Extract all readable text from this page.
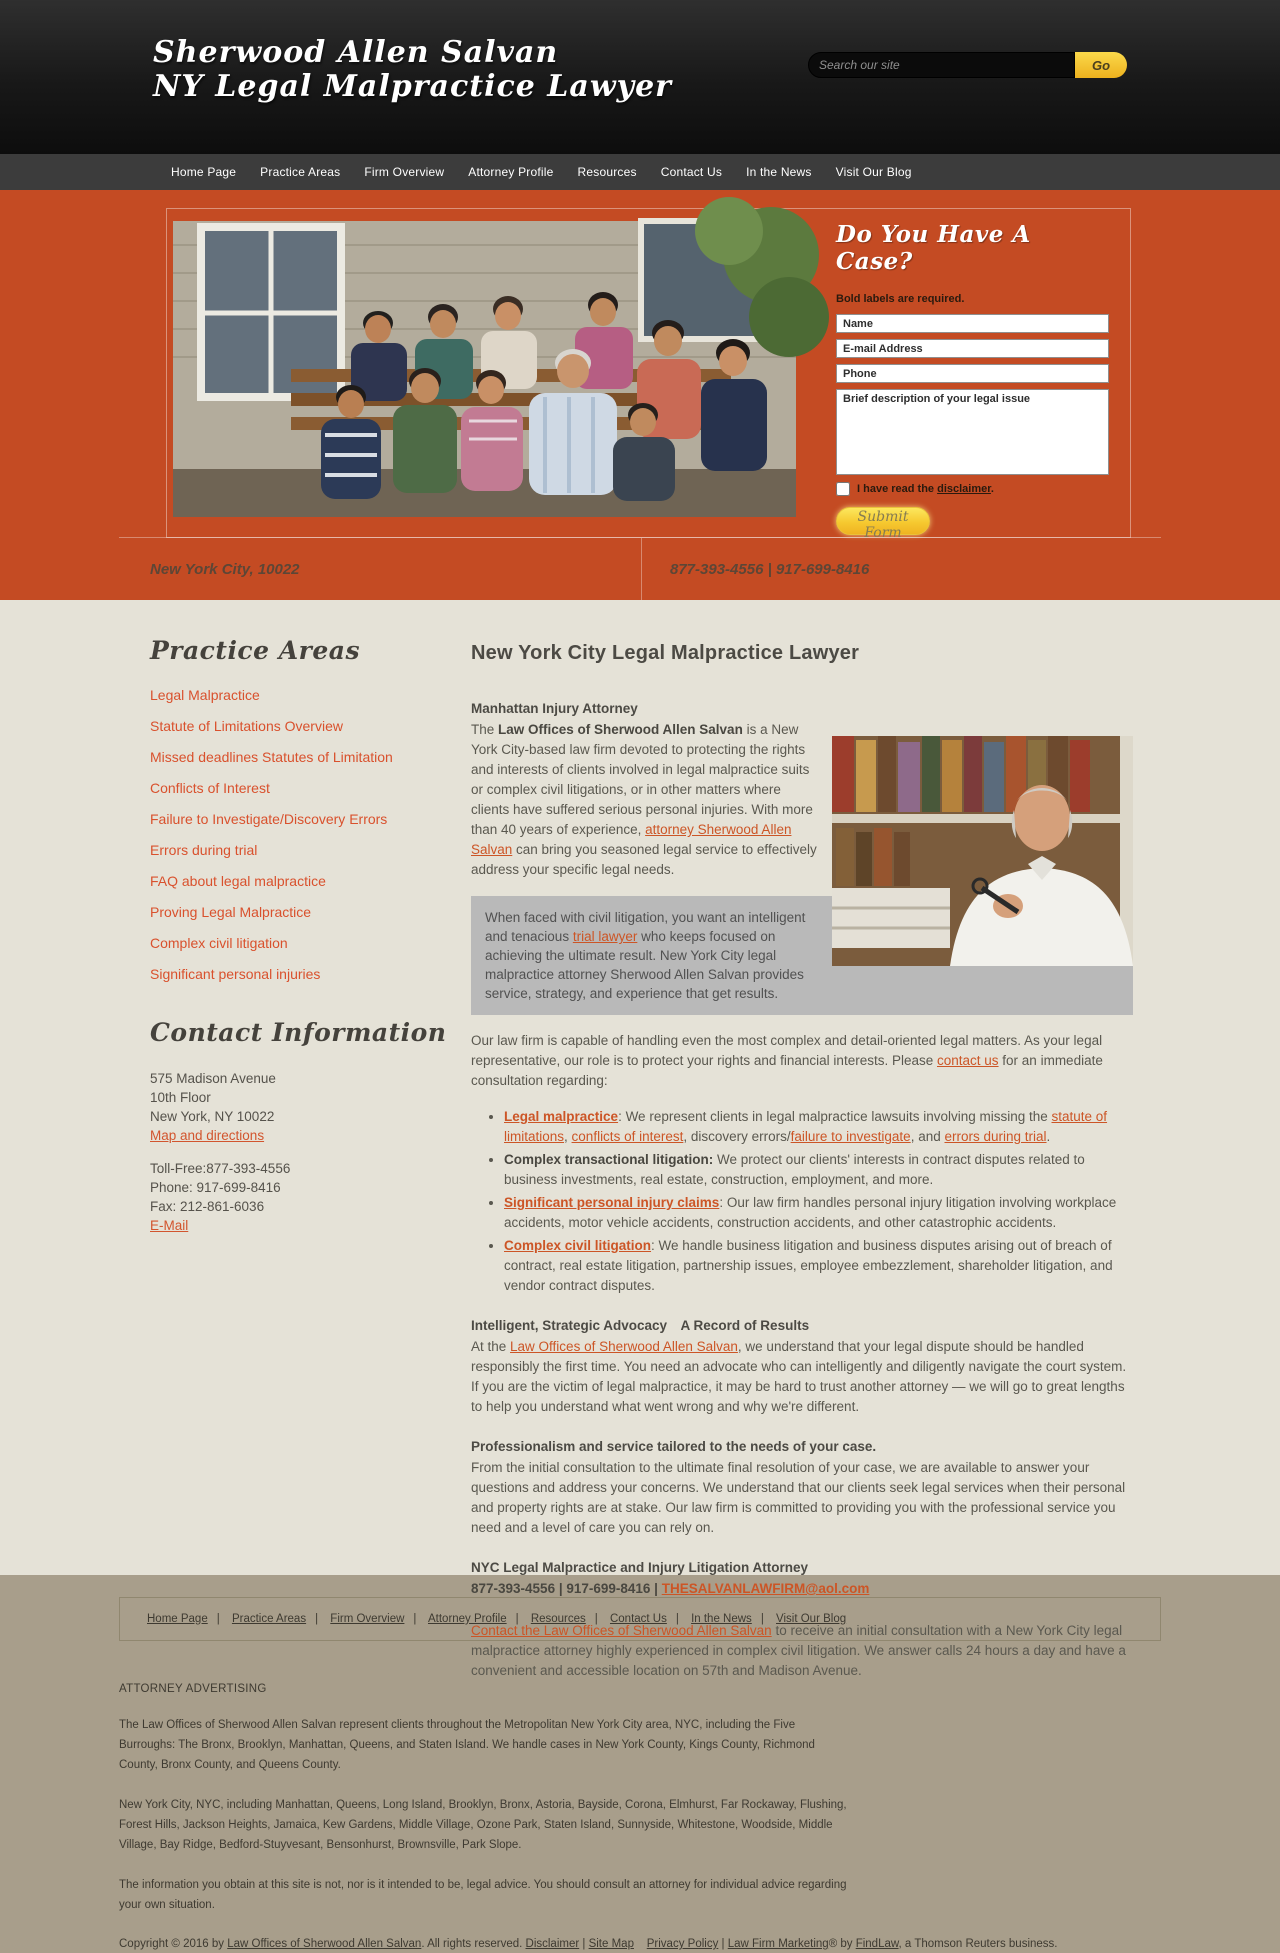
Sherwood Allen Salvan
NY Legal Malpractice Lawyer
Search our site
Go
Home Page Practice Areas Firm Overview Attorney Profile Resources Contact Us In the News Visit Our Blog
Do You Have A Case?
Bold labels are required.
Name
E-mail Address
Phone
Brief description of your legal issue
I have read the disclaimer.
Submit Form
New York City, 10022	877-393-4556 | 917-699-8416
Practice Areas
Legal Malpractice
Statute of Limitations Overview
Missed deadlines Statutes of Limitation
Conflicts of Interest
Failure to Investigate/Discovery Errors
Errors during trial
FAQ about legal malpractice
Proving Legal Malpractice
Complex civil litigation
Significant personal injuries
Contact Information
575 Madison Avenue
10th Floor
New York, NY 10022
Map and directions
Toll-Free:877-393-4556
Phone: 917-699-8416
Fax: 212-861-6036
E-Mail
New York City Legal Malpractice Lawyer
Manhattan Injury Attorney

The Law Offices of Sherwood Allen Salvan is a New York City-based law firm devoted to protecting the rights and interests of clients involved in legal malpractice suits or complex civil litigations, or in other matters where clients have suffered serious personal injuries. With more than 40 years of experience, attorney Sherwood Allen Salvan can bring you seasoned legal service to effectively address your specific legal needs.

When faced with civil litigation, you want an intelligent and tenacious trial lawyer who keeps focused on achieving the ultimate result. New York City legal malpractice attorney Sherwood Allen Salvan provides service, strategy, and experience that get results.

Our law firm is capable of handling even the most complex and detail-oriented legal matters. As your legal representative, our role is to protect your rights and financial interests. Please contact us for an immediate consultation regarding:

• Legal malpractice: We represent clients in legal malpractice lawsuits involving missing the statute of limitations, conflicts of interest, discovery errors/failure to investigate, and errors during trial.
• Complex transactional litigation: We protect our clients' interests in contract disputes related to business investments, real estate, construction, employment, and more.
• Significant personal injury claims: Our law firm handles personal injury litigation involving workplace accidents, motor vehicle accidents, construction accidents, and other catastrophic accidents.
• Complex civil litigation: We handle business litigation and business disputes arising out of breach of contract, real estate litigation, partnership issues, employee embezzlement, shareholder litigation, and vendor contract disputes.
Intelligent, Strategic Advocacy A Record of Results

At the Law Offices of Sherwood Allen Salvan, we understand that your legal dispute should be handled responsibly the first time. You need an advocate who can intelligently and diligently navigate the court system. If you are the victim of legal malpractice, it may be hard to trust another attorney — we will go to great lengths to help you understand what went wrong and why we're different.

Professionalism and service tailored to the needs of your case.

From the initial consultation to the ultimate final resolution of your case, we are available to answer your questions and address your concerns. We understand that our clients seek legal services when their personal and property rights are at stake. Our law firm is committed to providing you with the professional service you need and a level of care you can rely on.

NYC Legal Malpractice and Injury Litigation Attorney
877-393-4556 | 917-699-8416 | THESALVANLAWFIRM@aol.com

Contact the Law Offices of Sherwood Allen Salvan to receive an initial consultation with a New York City legal malpractice attorney highly experienced in complex civil litigation. We answer calls 24 hours a day and have a convenient and accessible location on 57th and Madison Avenue.

Home Page | Practice Areas | Firm Overview | Attorney Profile | Resources | Contact Us | In the News | Visit Our Blog
ATTORNEY ADVERTISING

The Law Offices of Sherwood Allen Salvan represent clients throughout the Metropolitan New York City area, NYC, including the Five Burroughs: The Bronx, Brooklyn, Manhattan, Queens, and Staten Island. We handle cases in New York County, Kings County, Richmond County, Bronx County, and Queens County.

New York City, NYC, including Manhattan, Queens, Long Island, Brooklyn, Bronx, Astoria, Bayside, Corona, Elmhurst, Far Rockaway, Flushing, Forest Hills, Jackson Heights, Jamaica, Kew Gardens, Middle Village, Ozone Park, Staten Island, Sunnyside, Whitestone, Woodside, Middle Village, Bay Ridge, Bedford-Stuyvesant, Bensonhurst, Brownsville, Park Slope.

The information you obtain at this site is not, nor is it intended to be, legal advice. You should consult an attorney for individual advice regarding your own situation.

Copyright © 2016 by Law Offices of Sherwood Allen Salvan. All rights reserved. Disclaimer | Site Map Privacy Policy | Law Firm Marketing® by FindLaw, a Thomson Reuters business.
